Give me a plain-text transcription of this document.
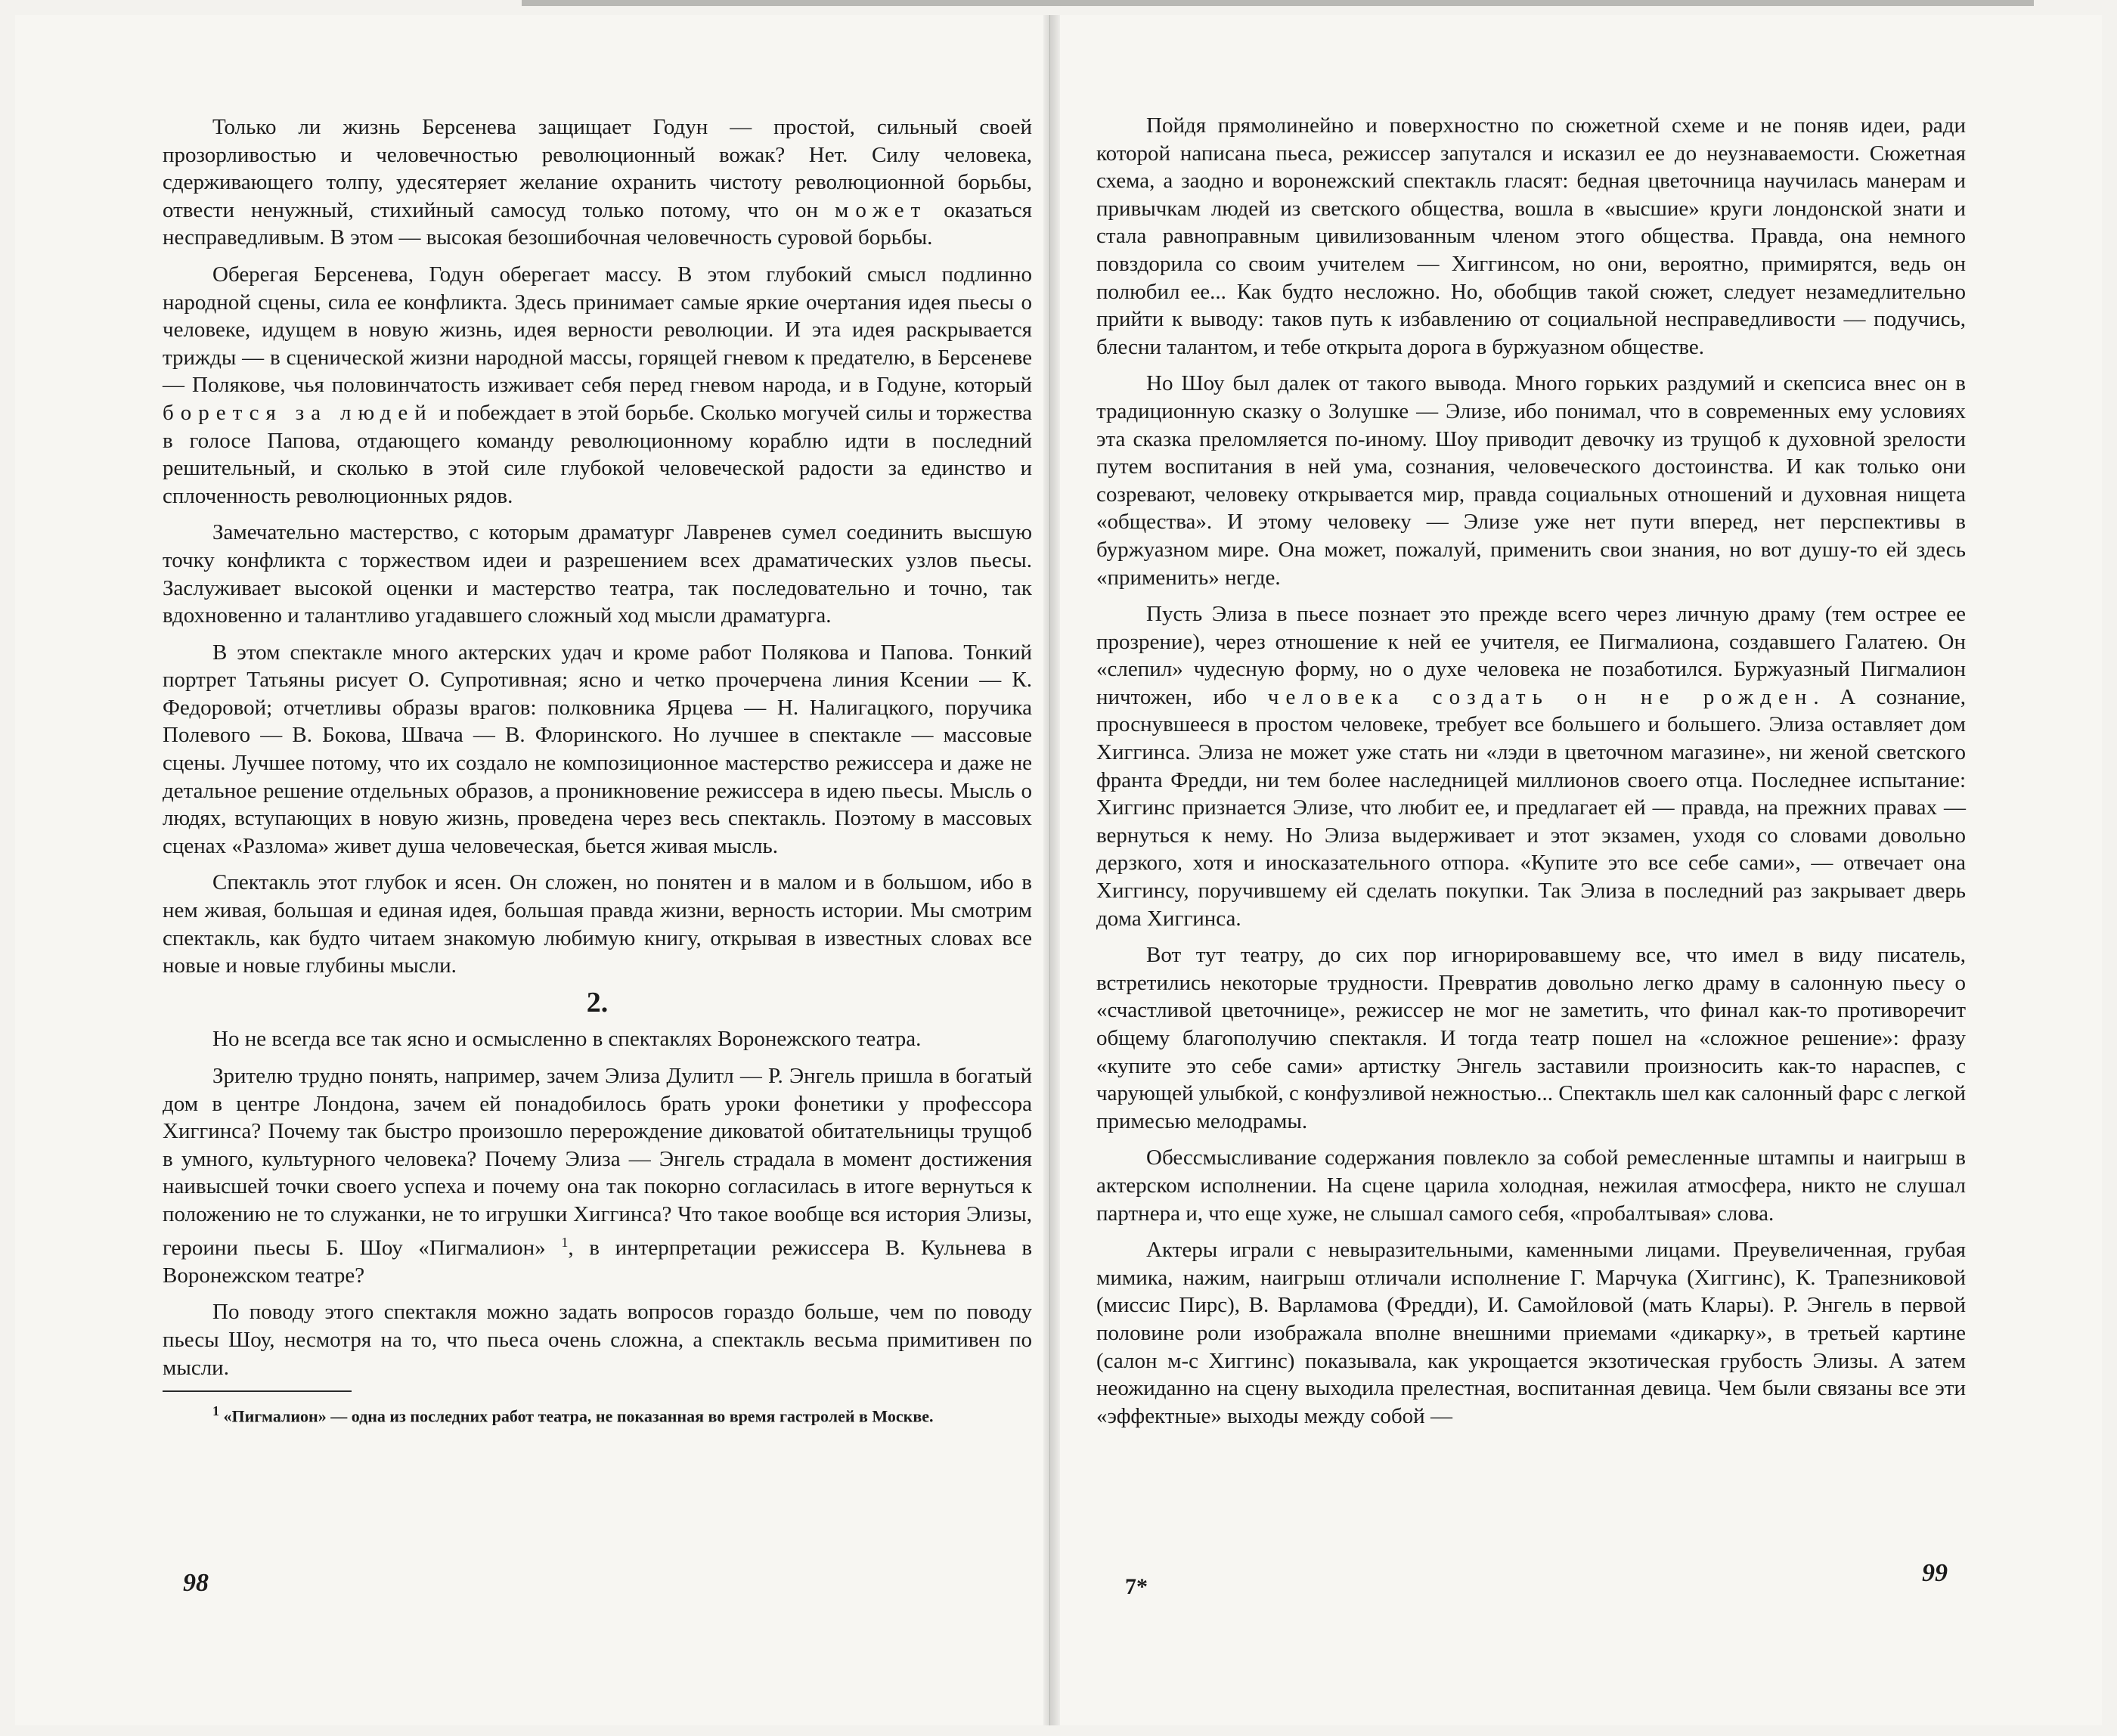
Только ли жизнь Берсенева защищает Годун — простой, сильный своей прозорливостью и человечностью революционный вожак? Нет. Силу человека, сдерживающего толпу, удесятеряет желание охранить чистоту революционной борьбы, отвести ненужный, стихийный самосуд только потому, что он может оказаться несправедливым. В этом — высокая безошибочная человечность суровой борьбы.

Оберегая Берсенева, Годун оберегает массу. В этом глубокий смысл подлинно народной сцены, сила ее конфликта. Здесь принимает самые яркие очертания идея пьесы о человеке, идущем в новую жизнь, идея верности революции. И эта идея раскрывается трижды — в сценической жизни народной массы, горящей гневом к предателю, в Берсеневе — Полякове, чья половинчатость изживает себя перед гневом народа, и в Годуне, который борется за людей и побеждает в этой борьбе. Сколько могучей силы и торжества в голосе Папова, отдающего команду революционному кораблю идти в последний решительный, и сколько в этой силе глубокой человеческой радости за единство и сплоченность революционных рядов.

Замечательно мастерство, с которым драматург Лавренев сумел соединить высшую точку конфликта с торжеством идеи и разрешением всех драматических узлов пьесы. Заслуживает высокой оценки и мастерство театра, так последовательно и точно, так вдохновенно и талантливо угадавшего сложный ход мысли драматурга.

В этом спектакле много актерских удач и кроме работ Полякова и Папова. Тонкий портрет Татьяны рисует О. Супротивная; ясно и четко прочерчена линия Ксении — К. Федоровой; отчетливы образы врагов: полковника Ярцева — Н. Налигацкого, поручика Полевого — В. Бокова, Швача — В. Флоринского. Но лучшее в спектакле — массовые сцены. Лучшее потому, что их создало не композиционное мастерство режиссера и даже не детальное решение отдельных образов, а проникновение режиссера в идею пьесы. Мысль о людях, вступающих в новую жизнь, проведена через весь спектакль. Поэтому в массовых сценах «Разлома» живет душа человеческая, бьется живая мысль.

Спектакль этот глубок и ясен. Он сложен, но понятен и в малом и в большом, ибо в нем живая, большая и единая идея, большая правда жизни, верность истории. Мы смотрим спектакль, как будто читаем знакомую любимую книгу, открывая в известных словах все новые и новые глубины мысли.

2.

Но не всегда все так ясно и осмысленно в спектаклях Воронежского театра.

Зрителю трудно понять, например, зачем Элиза Дулитл — Р. Энгель пришла в богатый дом в центре Лондона, зачем ей понадобилось брать уроки фонетики у профессора Хиггинса? Почему так быстро произошло перерождение диковатой обитательницы трущоб в умного, культурного человека? Почему Элиза — Энгель страдала в момент достижения наивысшей точки своего успеха и почему она так покорно согласилась в итоге вернуться к положению не то служанки, не то игрушки Хиггинса? Что такое вообще вся история Элизы, героини пьесы Б. Шоу «Пигмалион» $^1$, в интерпретации режиссера В. Кульнева в Воронежском театре?

По поводу этого спектакля можно задать вопросов гораздо больше, чем по поводу пьесы Шоу, несмотря на то, что пьеса очень сложна, а спектакль весьма примитивен по мысли.

$^1$ «Пигмалион» — одна из последних работ театра, не показанная во время гастролей в Москве.

Пойдя прямолинейно и поверхностно по сюжетной схеме и не поняв идеи, ради которой написана пьеса, режиссер запутался и исказил ее до неузнаваемости. Сюжетная схема, а заодно и воронежский спектакль гласят: бедная цветочница научилась манерам и привычкам людей из светского общества, вошла в «высшие» круги лондонской знати и стала равноправным цивилизованным членом этого общества. Правда, она немного повздорила со своим учителем — Хиггинсом, но они, вероятно, примирятся, ведь он полюбил ее... Как будто несложно. Но, обобщив такой сюжет, следует незамедлительно прийти к выводу: таков путь к избавлению от социальной несправедливости — подучись, блесни талантом, и тебе открыта дорога в буржуазном обществе.

Но Шоу был далек от такого вывода. Много горьких раздумий и скепсиса внес он в традиционную сказку о Золушке — Элизе, ибо понимал, что в современных ему условиях эта сказка преломляется по-иному. Шоу приводит девочку из трущоб к духовной зрелости путем воспитания в ней ума, сознания, человеческого достоинства. И как только они созревают, человеку открывается мир, правда социальных отношений и духовная нищета «общества». И этому человеку — Элизе уже нет пути вперед, нет перспективы в буржуазном мире. Она может, пожалуй, применить свои знания, но вот душу-то ей здесь «применить» негде.

Пусть Элиза в пьесе познает это прежде всего через личную драму (тем острее ее прозрение), через отношение к ней ее учителя, ее Пигмалиона, создавшего Галатею. Он «слепил» чудесную форму, но о духе человека не позаботился. Буржуазный Пигмалион ничтожен, ибо человека создать он не рожден. А сознание, проснувшееся в простом человеке, требует все большего и большего. Элиза оставляет дом Хиггинса. Элиза не может уже стать ни «лэди в цветочном магазине», ни женой светского франта Фредди, ни тем более наследницей миллионов своего отца. Последнее испытание: Хиггинс признается Элизе, что любит ее, и предлагает ей — правда, на прежних правах — вернуться к нему. Но Элиза выдерживает и этот экзамен, уходя со словами довольно дерзкого, хотя и иносказательного отпора. «Купите это все себе сами», — отвечает она Хиггинсу, поручившему ей сделать покупки. Так Элиза в последний раз закрывает дверь дома Хиггинса.

Вот тут театру, до сих пор игнорировавшему все, что имел в виду писатель, встретились некоторые трудности. Превратив довольно легко драму в салонную пьесу о «счастливой цветочнице», режиссер не мог не заметить, что финал как-то противоречит общему благополучию спектакля. И тогда театр пошел на «сложное решение»: фразу «купите это себе сами» артистку Энгель заставили произносить как-то нараспев, с чарующей улыбкой, с конфузливой нежностью... Спектакль шел как салонный фарс с легкой примесью мелодрамы.

Обессмысливание содержания повлекло за собой ремесленные штампы и наигрыш в актерском исполнении. На сцене царила холодная, нежилая атмосфера, никто не слушал партнера и, что еще хуже, не слышал самого себя, «пробалтывая» слова.

Актеры играли с невыразительными, каменными лицами. Преувеличенная, грубая мимика, нажим, наигрыш отличали исполнение Г. Марчука (Хиггинс), К. Трапезниковой (миссис Пирс), В. Варламова (Фредди), И. Самойловой (мать Клары). Р. Энгель в первой половине роли изображала вполне внешними приемами «дикарку», в третьей картине (салон м-с Хиггинс) показывала, как укрощается экзотическая грубость Элизы. А затем неожиданно на сцену выходила прелестная, воспитанная девица. Чем были связаны все эти «эффектные» выходы между собой —

98	7*	99
